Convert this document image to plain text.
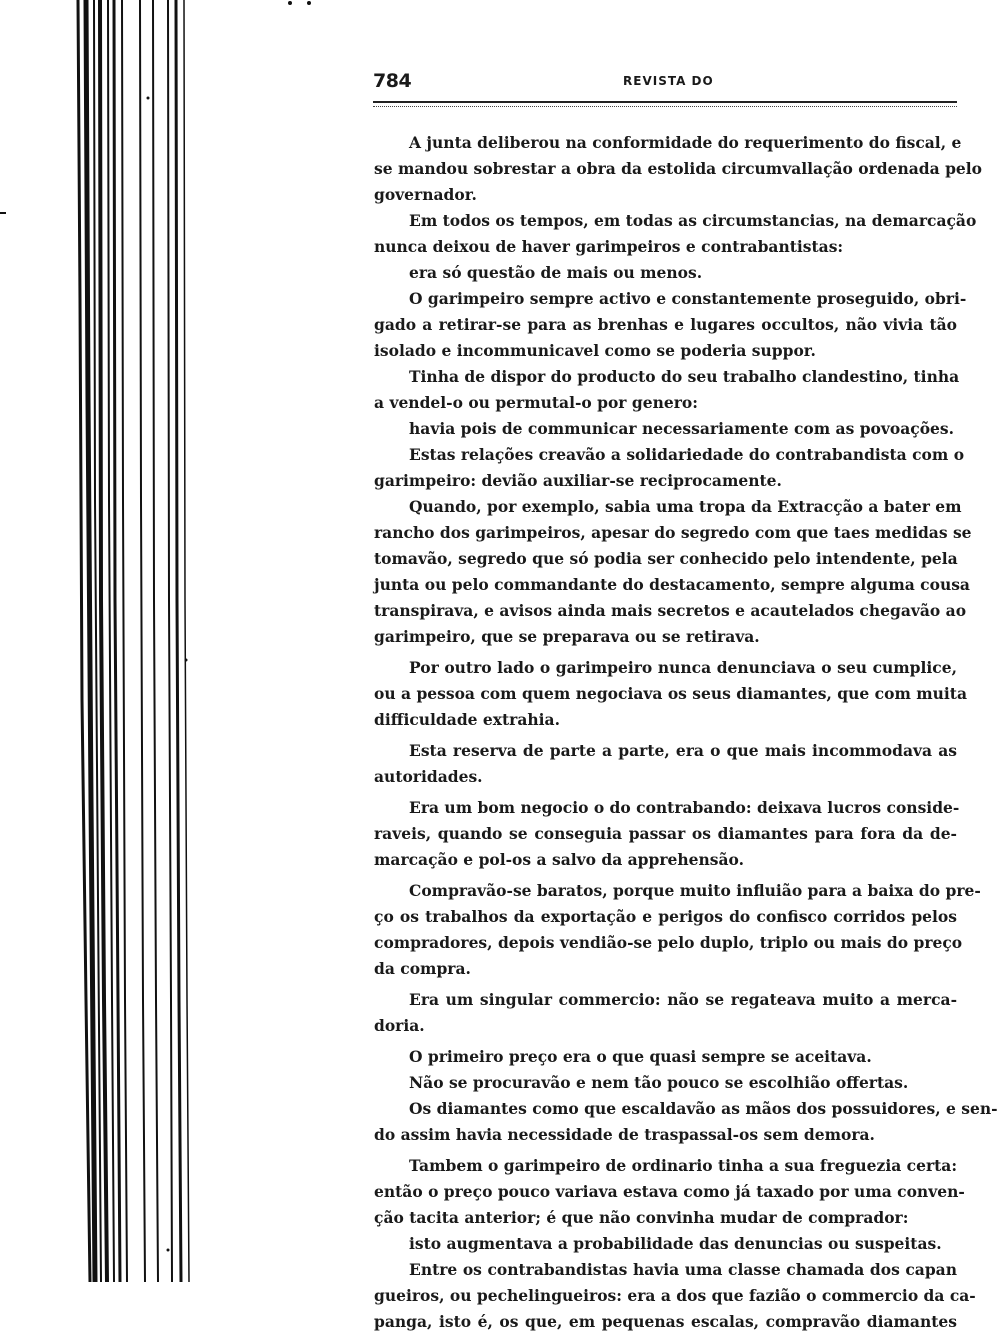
784	REVISTA DO
A junta deliberou na conformidade do requerimento do fiscal, e
se mandou sobrestar a obra da estolida circumvallação ordenada pelo
governador.
Em todos os tempos, em todas as circumstancias, na demarcação
nunca deixou de haver garimpeiros e contrabantistas:
era só questão de mais ou menos.
O garimpeiro sempre activo e constantemente proseguido, obri-
gado a retirar-se para as brenhas e lugares occultos, não vivia tão
isolado e incommunicavel como se poderia suppor.
Tinha de dispor do producto do seu trabalho clandestino, tinha
a vendel-o ou permutal-o por genero:
havia pois de communicar necessariamente com as povoações.
Estas relações creavão a solidariedade do contrabandista com o
garimpeiro: devião auxiliar-se reciprocamente.
Quando, por exemplo, sabia uma tropa da Extracção a bater em
rancho dos garimpeiros, apesar do segredo com que taes medidas se
tomavão, segredo que só podia ser conhecido pelo intendente, pela
junta ou pelo commandante do destacamento, sempre alguma cousa
transpirava, e avisos ainda mais secretos e acautelados chegavão ao
garimpeiro, que se preparava ou se retirava.
Por outro lado o garimpeiro nunca denunciava o seu cumplice,
ou a pessoa com quem negociava os seus diamantes, que com muita
difficuldade extrahia.
Esta reserva de parte a parte, era o que mais incommodava as
autoridades.
Era um bom negocio o do contrabando: deixava lucros conside-
raveis, quando se conseguia passar os diamantes para fora da de-
marcação e pol-os a salvo da apprehensão.
Compravão-se baratos, porque muito influião para a baixa do pre-
ço os trabalhos da exportação e perigos do confisco corridos pelos
compradores, depois vendião-se pelo duplo, triplo ou mais do preço
da compra.
Era um singular commercio: não se regateava muito a merca-
doria.
O primeiro preço era o que quasi sempre se aceitava.
Não se procuravão e nem tão pouco se escolhião offertas.
Os diamantes como que escaldavão as mãos dos possuidores, e sen-
do assim havia necessidade de traspassal-os sem demora.
Tambem o garimpeiro de ordinario tinha a sua freguezia certa:
então o preço pouco variava estava como já taxado por uma conven-
ção tacita anterior; é que não convinha mudar de comprador:
isto augmentava a probabilidade das denuncias ou suspeitas.
Entre os contrabandistas havia uma classe chamada dos capan
gueiros, ou pechelingueiros: era a dos que fazião o commercio da ca-
panga, isto é, os que, em pequenas escalas, compravão diamantes
